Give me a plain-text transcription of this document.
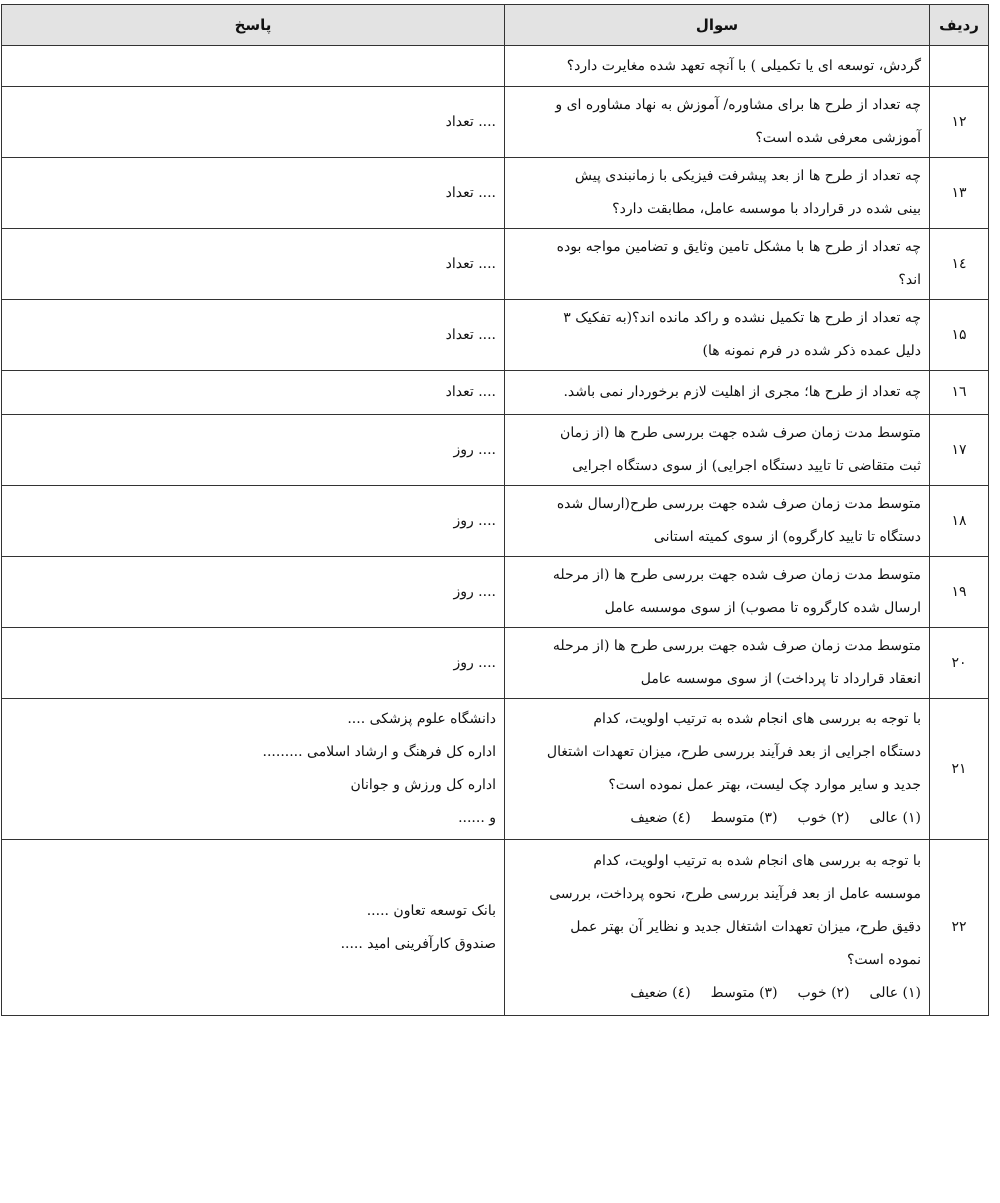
ردیف	سوال	پاسخ

	گردش، توسعه ای یا تکمیلی ) با آنچه تعهد شده مغایرت دارد؟	

۱۲	چه تعداد از طرح ها برای مشاوره/ آموزش به نهاد مشاوره ای و
آموزشی معرفی شده است؟	.... تعداد

۱۳	چه تعداد از طرح ها از بعد پیشرفت فیزیکی با زمانبندی پیش
بینی شده در قرارداد با موسسه عامل، مطابقت دارد؟	.... تعداد

۱٤	چه تعداد از طرح ها با مشکل تامین وثایق و تضامین مواجه بوده
اند؟	.... تعداد

۱۵	چه تعداد از طرح ها تکمیل نشده و راکد مانده اند؟(به تفکیک ۳
دلیل عمده ذکر شده در فرم نمونه ها)	.... تعداد

۱٦	چه تعداد از طرح ها؛ مجری از اهلیت لازم برخوردار نمی باشد.	.... تعداد

۱۷	متوسط مدت زمان صرف شده جهت بررسی طرح ها (از زمان
ثبت متقاضی تا تایید دستگاه اجرایی) از سوی دستگاه اجرایی	.... روز

۱۸	متوسط مدت زمان صرف شده جهت بررسی طرح(ارسال شده
دستگاه تا تایید کارگروه) از سوی کمیته استانی	.... روز

۱۹	متوسط مدت زمان صرف شده جهت بررسی طرح ها (از مرحله
ارسال شده کارگروه تا مصوب) از سوی موسسه عامل	.... روز

۲۰	متوسط مدت زمان صرف شده جهت بررسی طرح ها (از مرحله
انعقاد قرارداد تا پرداخت) از سوی موسسه عامل	.... روز

۲۱	با توجه به بررسی های انجام شده به ترتیب اولویت، کدام
دستگاه اجرایی از بعد فرآیند بررسی طرح، میزان تعهدات اشتغال
جدید و سایر موارد چک لیست، بهتر عمل نموده است؟
(۱) عالی(۲) خوب(۳) متوسط(٤) ضعیف	دانشگاه علوم پزشکی ....
اداره کل فرهنگ و ارشاد اسلامی .........
اداره کل ورزش و جوانان
و ......

۲۲	با توجه به بررسی های انجام شده به ترتیب اولویت، کدام
موسسه عامل از بعد فرآیند بررسی طرح، نحوه پرداخت، بررسی
دقیق طرح، میزان تعهدات اشتغال جدید و نظایر آن بهتر عمل
نموده است؟
(۱) عالی(۲) خوب(۳) متوسط(٤) ضعیف	بانک توسعه تعاون .....
صندوق کارآفرینی امید .....
